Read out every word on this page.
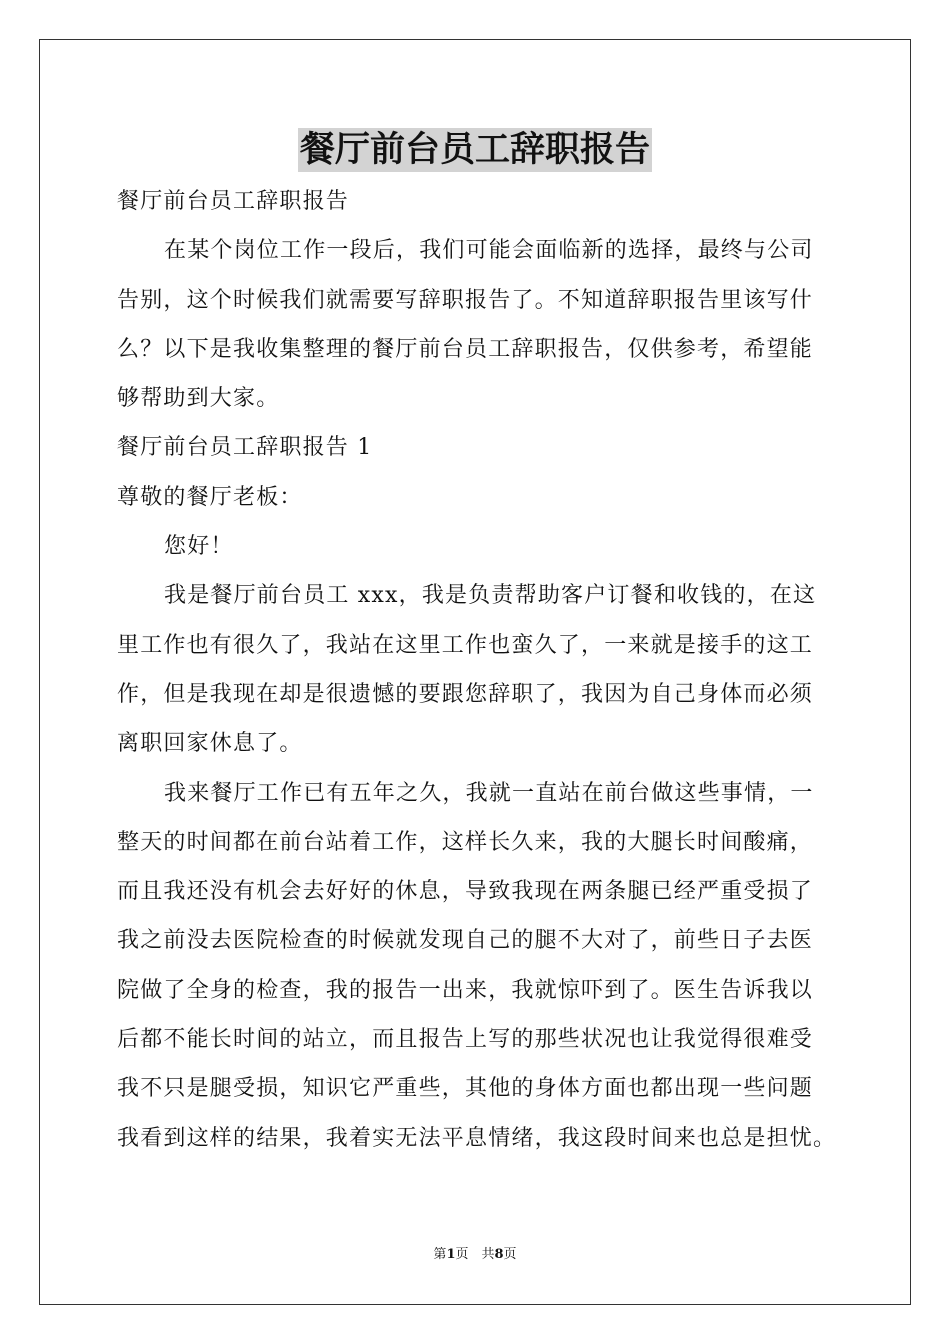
餐厅前台员工辞职报告
餐厅前台员工辞职报告
在某个岗位工作一段后，我们可能会面临新的选择，最终与公司
告别，这个时候我们就需要写辞职报告了。不知道辞职报告里该写什
么？以下是我收集整理的餐厅前台员工辞职报告，仅供参考，希望能
够帮助到大家。
餐厅前台员工辞职报告 1
尊敬的餐厅老板：
您好！
我是餐厅前台员工 xxx，我是负责帮助客户订餐和收钱的，在这
里工作也有很久了，我站在这里工作也蛮久了，一来就是接手的这工
作，但是我现在却是很遗憾的要跟您辞职了，我因为自己身体而必须
离职回家休息了。
我来餐厅工作已有五年之久，我就一直站在前台做这些事情，一
整天的时间都在前台站着工作，这样长久来，我的大腿长时间酸痛，
而且我还没有机会去好好的休息，导致我现在两条腿已经严重受损了
我之前没去医院检查的时候就发现自己的腿不大对了，前些日子去医
院做了全身的检查，我的报告一出来，我就惊吓到了。医生告诉我以
后都不能长时间的站立，而且报告上写的那些状况也让我觉得很难受
我不只是腿受损，知识它严重些，其他的身体方面也都出现一些问题
我看到这样的结果，我着实无法平息情绪，我这段时间来也总是担忧。
第1页　共8页
